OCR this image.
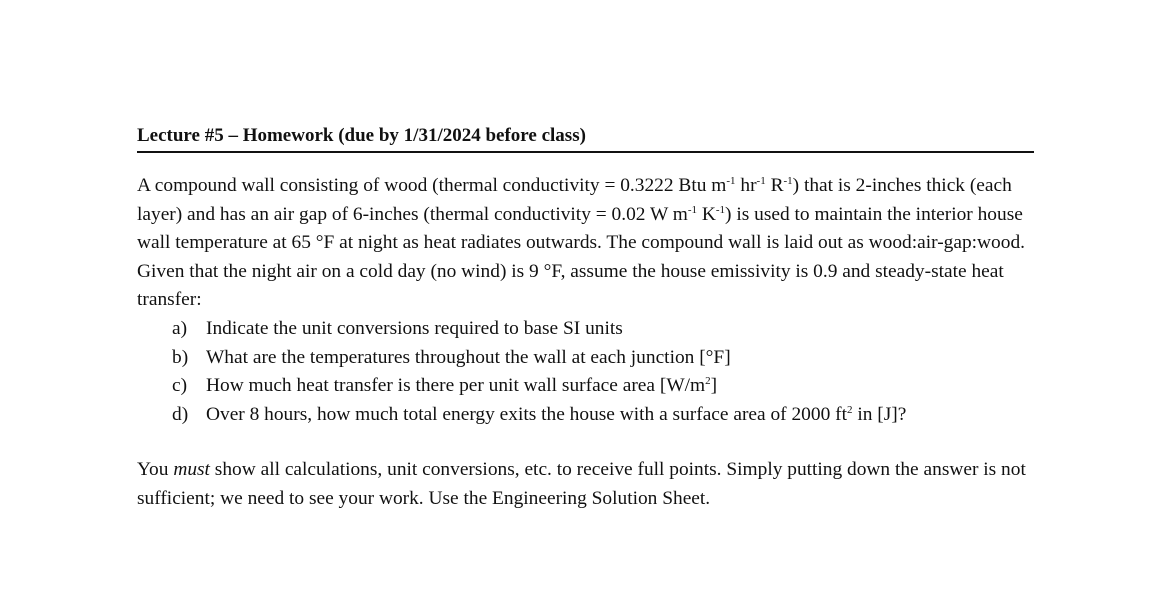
Lecture #5 – Homework (due by 1/31/2024 before class)

A compound wall consisting of wood (thermal conductivity = 0.3222 Btu $m^{-1}$ $hr^{-1}$ $R^{-1}$) that is 2-inches thick (each layer) and has an air gap of 6-inches (thermal conductivity = 0.02 W $m^{-1}$ $K^{-1}$) is used to maintain the interior house wall temperature at 65 °F at night as heat radiates outwards. The compound wall is laid out as wood:air-gap:wood. Given that the night air on a cold day (no wind) is 9 °F, assume the house emissivity is 0.9 and steady-state heat transfer:

a) Indicate the unit conversions required to base SI units
b) What are the temperatures throughout the wall at each junction [°F]
c) How much heat transfer is there per unit wall surface area $[W/m^2]$
d) Over 8 hours, how much total energy exits the house with a surface area of 2000 $ft^2$ in [J]?

You must show all calculations, unit conversions, etc. to receive full points. Simply putting down the answer is not sufficient; we need to see your work. Use the Engineering Solution Sheet.
